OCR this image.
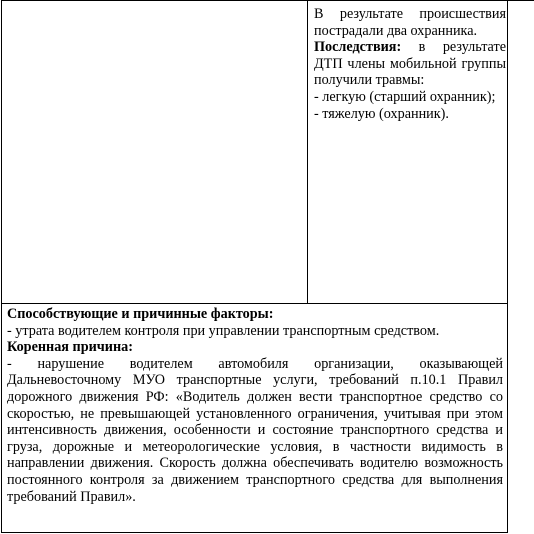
В результате происшествия пострадали два охранника.

Последствия: в результате ДТП члены мобильной группы получили травмы:

- легкую (старший охранник);

- тяжелую (охранник).

Способствующие и причинные факторы:

- утрата водителем контроля при управлении транспортным средством.

Коренная причина:

- нарушение водителем автомобиля организации, оказывающей Дальневосточному МУО транспортные услуги, требований п.10.1 Правил дорожного движения РФ: «Водитель должен вести транспортное средство со скоростью, не превышающей установленного ограничения, учитывая при этом интенсивность движения, особенности и состояние транспортного средства и груза, дорожные и метеорологические условия, в частности видимость в направлении движения. Скорость должна обеспечивать водителю возможность постоянного контроля за движением транспортного средства для выполнения требований Правил».
